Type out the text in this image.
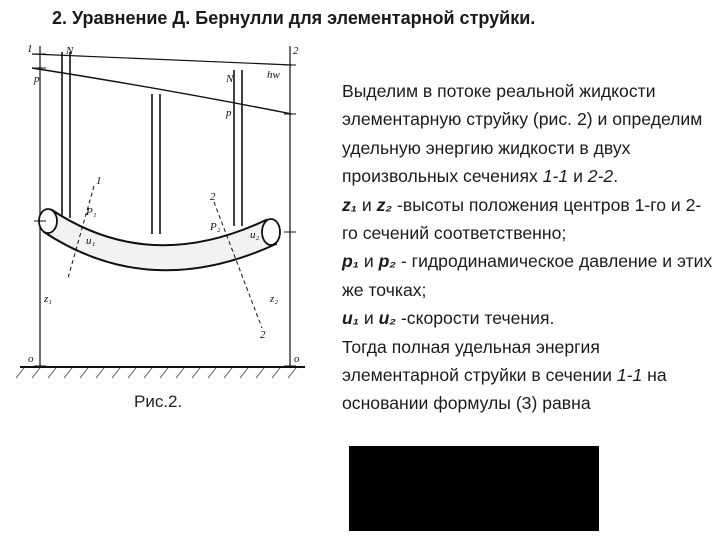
2. Уравнение Д. Бернулли для элементарной струйки.
N
N
1	2
p
p
hw
P₁
P₂
u₁	u₂
z₁	z₂
1
2
2
o	o
Рис.2.

Выделим в потоке реальной жидкости элементарную струйку (рис. 2) и определим удельную энергию жидкости в двух произвольных сечениях 1-1 и 2-2.

z₁ и z₂ -высоты положения центров 1-го и 2-го сечений соответственно;

p₁ и p₂ - гидродинамическое давление и этих же точках;

u₁ и u₂ -скорости течения.

Тогда полная удельная энергия элементарной струйки в сечении 1-1 на основании формулы (3) равна
